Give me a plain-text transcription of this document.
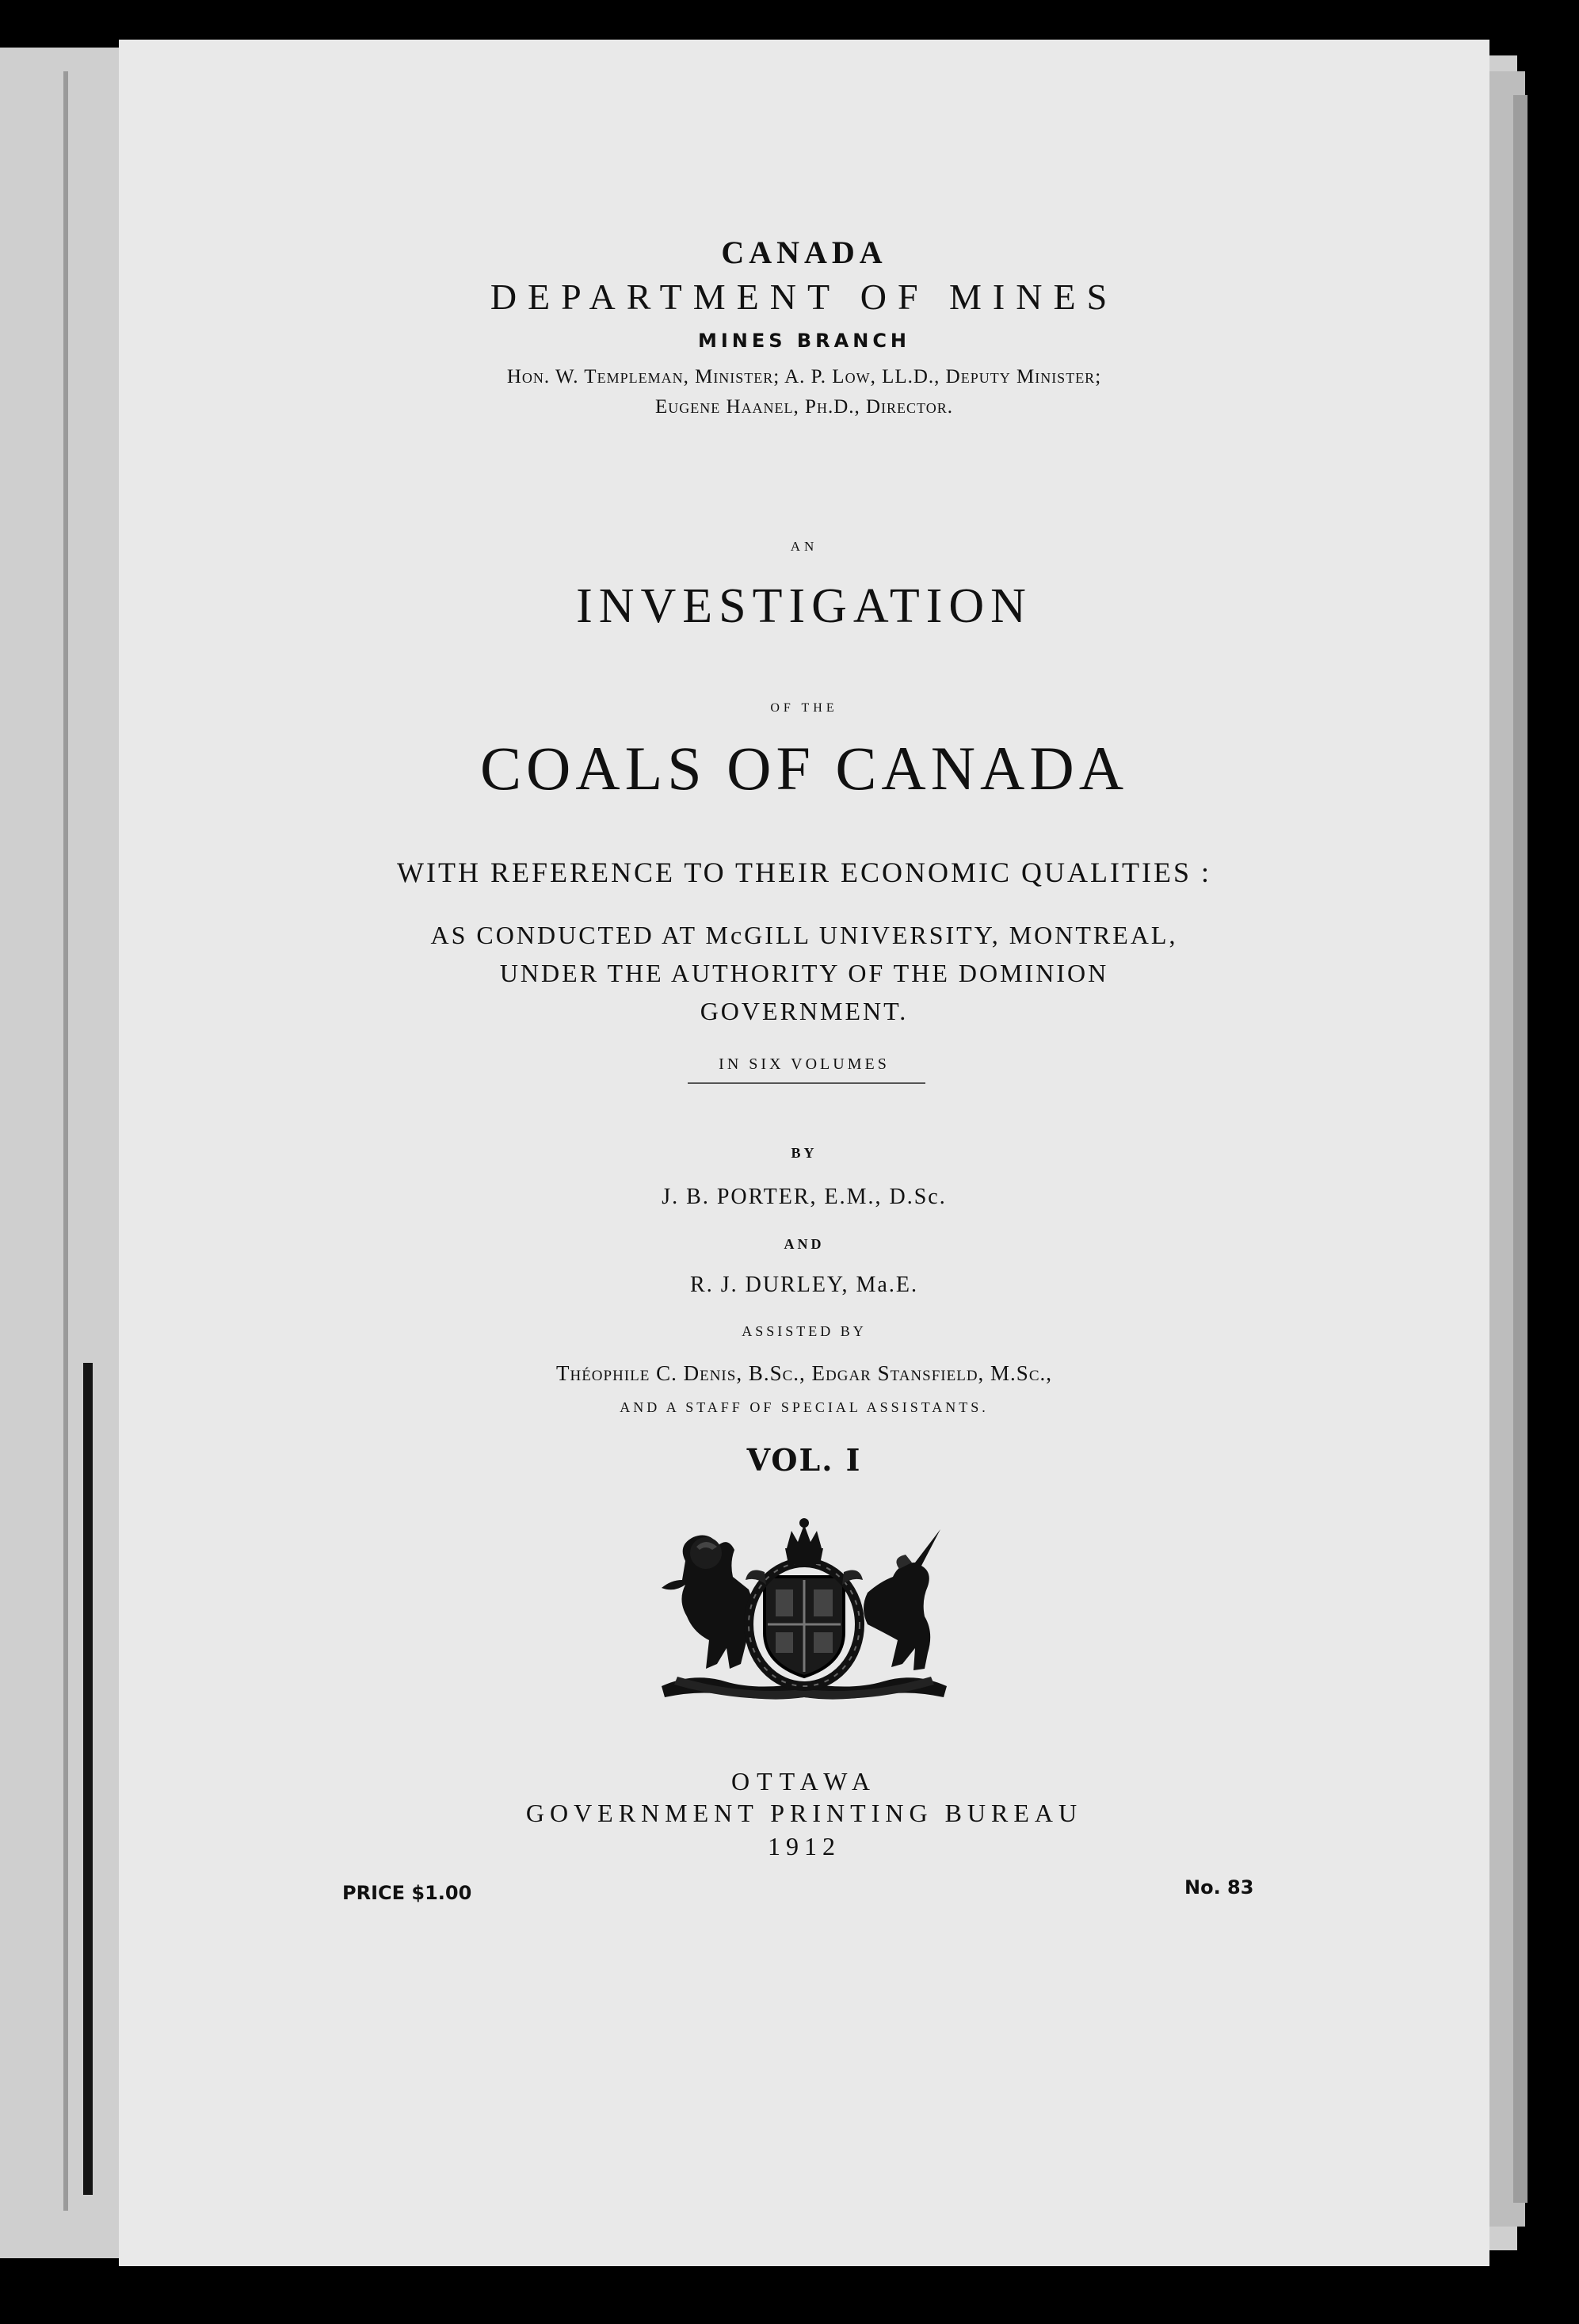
CANADA
DEPARTMENT OF MINES
MINES BRANCH
Hon. W. Templeman, Minister; A. P. Low, LL.D., Deputy Minister;
Eugene Haanel, Ph.D., Director.
AN
INVESTIGATION
OF THE
COALS OF CANADA
WITH REFERENCE TO THEIR ECONOMIC QUALITIES :
AS CONDUCTED AT McGILL UNIVERSITY, MONTREAL,
UNDER THE AUTHORITY OF THE DOMINION
GOVERNMENT.
IN SIX VOLUMES
BY
J. B. PORTER, E.M., D.Sc.
AND
R. J. DURLEY, Ma.E.
ASSISTED BY
Théophile C. Denis, B.Sc., Edgar Stansfield, M.Sc.,
AND A STAFF OF SPECIAL ASSISTANTS.
VOL. I
OTTAWA
GOVERNMENT PRINTING BUREAU
1912
PRICE $1.00	No. 83
